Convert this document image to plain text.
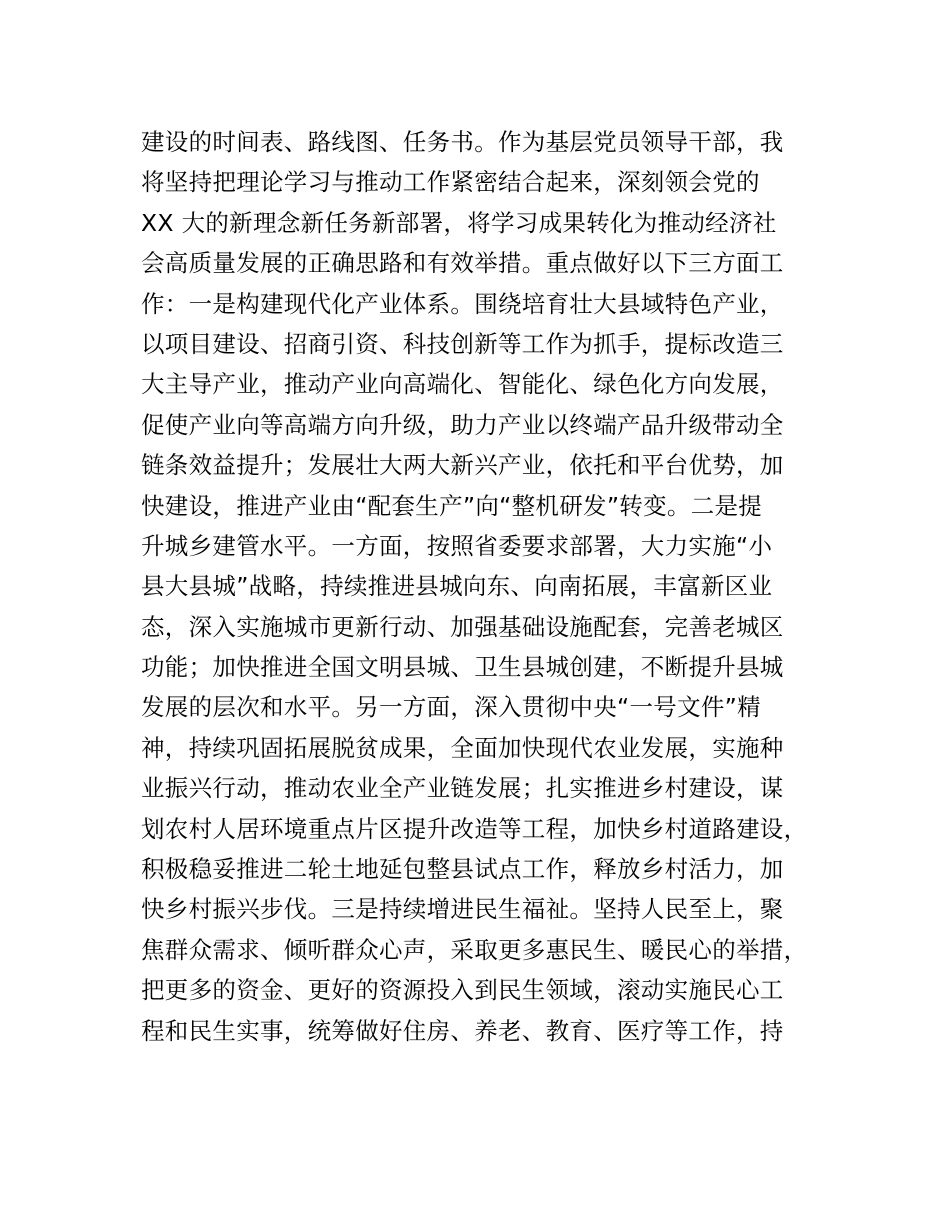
建设的时间表、路线图、任务书。作为基层党员领导干部，我
将坚持把理论学习与推动工作紧密结合起来，深刻领会党的
XX 大的新理念新任务新部署，将学习成果转化为推动经济社
会高质量发展的正确思路和有效举措。重点做好以下三方面工
作：一是构建现代化产业体系。围绕培育壮大县域特色产业，
以项目建设、招商引资、科技创新等工作为抓手，提标改造三
大主导产业，推动产业向高端化、智能化、绿色化方向发展，
促使产业向等高端方向升级，助力产业以终端产品升级带动全
链条效益提升；发展壮大两大新兴产业，依托和平台优势，加
快建设，推进产业由“配套生产”向“整机研发”转变。二是提
升城乡建管水平。一方面，按照省委要求部署，大力实施“小
县大县城”战略，持续推进县城向东、向南拓展，丰富新区业
态，深入实施城市更新行动、加强基础设施配套，完善老城区
功能；加快推进全国文明县城、卫生县城创建，不断提升县城
发展的层次和水平。另一方面，深入贯彻中央“一号文件”精
神，持续巩固拓展脱贫成果，全面加快现代农业发展，实施种
业振兴行动，推动农业全产业链发展；扎实推进乡村建设，谋
划农村人居环境重点片区提升改造等工程，加快乡村道路建设，
积极稳妥推进二轮土地延包整县试点工作，释放乡村活力，加
快乡村振兴步伐。三是持续增进民生福祉。坚持人民至上，聚
焦群众需求、倾听群众心声，采取更多惠民生、暖民心的举措，
把更多的资金、更好的资源投入到民生领域，滚动实施民心工
程和民生实事，统筹做好住房、养老、教育、医疗等工作，持
